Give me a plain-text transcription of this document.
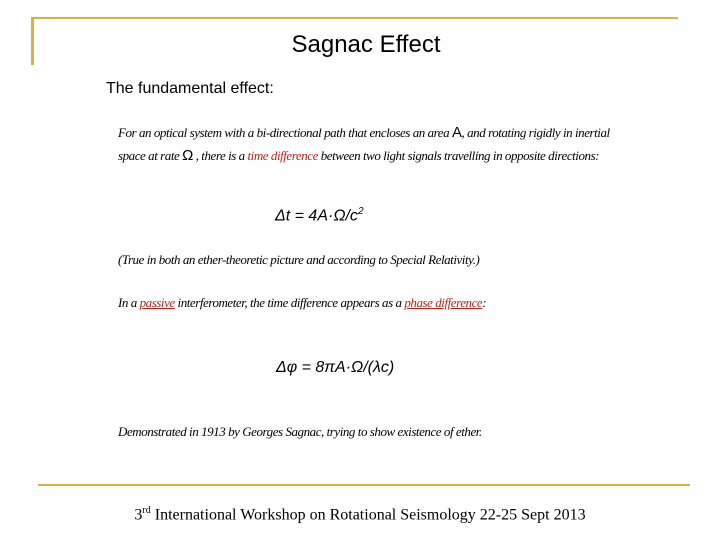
Sagnac Effect
The fundamental effect:
For an optical system with a bi-directional path that encloses an area A, and rotating rigidly in inertial space at rate Ω , there is a time difference between two light signals travelling in opposite directions:
$\Delta t = 4A\cdot\Omega/c^2$
(True in both an ether-theoretic picture and according to Special Relativity.)
In a passive interferometer, the time difference appears as a phase difference:
Δφ = 8πA·Ω/(λc)
Demonstrated in 1913 by Georges Sagnac, trying to show existence of ether.
3rd International Workshop on Rotational Seismology 22-25 Sept 2013
